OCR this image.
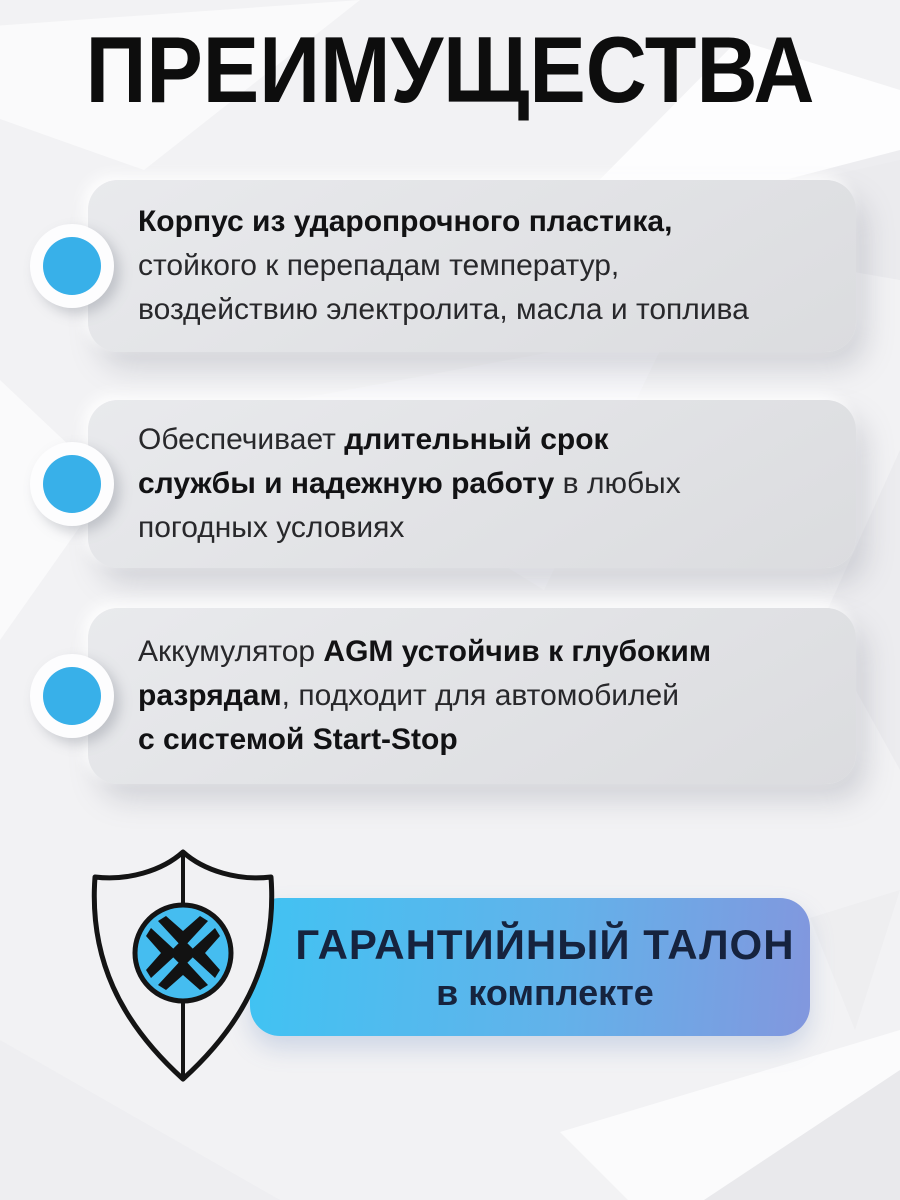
ПРЕИМУЩЕСТВА
Корпус из ударопрочного пластика,
стойкого к перепадам температур,
воздействию электролита, масла и топлива
Обеспечивает длительный срок
службы и надежную работу в любых
погодных условиях
Аккумулятор AGM устойчив к глубоким
разрядам, подходит для автомобилей
с системой Start-Stop
ГАРАНТИЙНЫЙ ТАЛОН
в комплекте
